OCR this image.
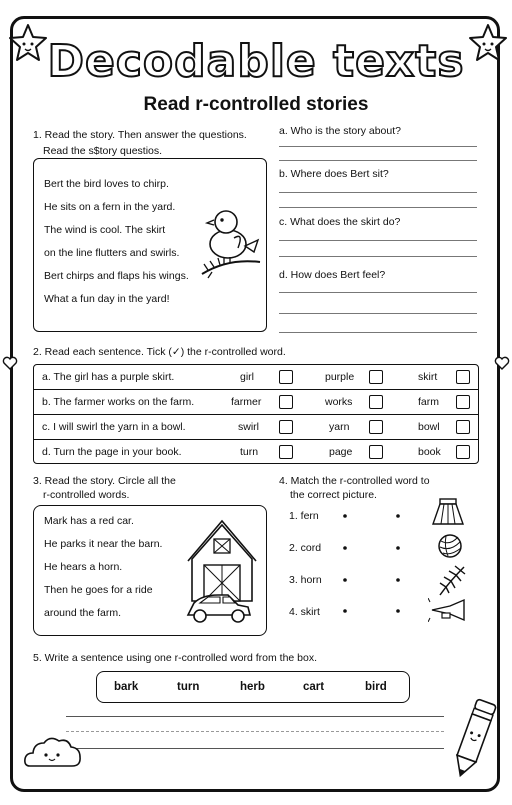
Decodable texts
Read r-controlled stories
1. Read the story. Then answer the questions.
Read the s$tory questios.
Bert the bird loves to chirp.
He sits on a fern in the yard.
The wind is cool. The skirt
on the line flutters and swirls.
Bert chirps and flaps his wings.
What a fun day in the yard!
a. Who is the story about?
b. Where does Bert sit?
c. What does the skirt do?
d. How does Bert feel?
2. Read each sentence. Tick (✓) the r-controlled word.
a. The girl has a purple skirt.	girl	purple	skirt
b. The farmer works on the farm.	farmer	works	farm
c. I will swirl the yarn in a bowl.	swirl	yarn	bowl
d. Turn the page in your book.	turn	page	book
3. Read the story. Circle all the
r-controlled words.
Mark has a red car.
He parks it near the barn.
He hears a horn.
Then he goes for a ride
around the farm.
4. Match the r-controlled word to
the correct picture.
1. fern
2. cord
3. horn
4. skirt
5. Write a sentence using one r-controlled word from the box.
bark	turn	herb	cart	bird
